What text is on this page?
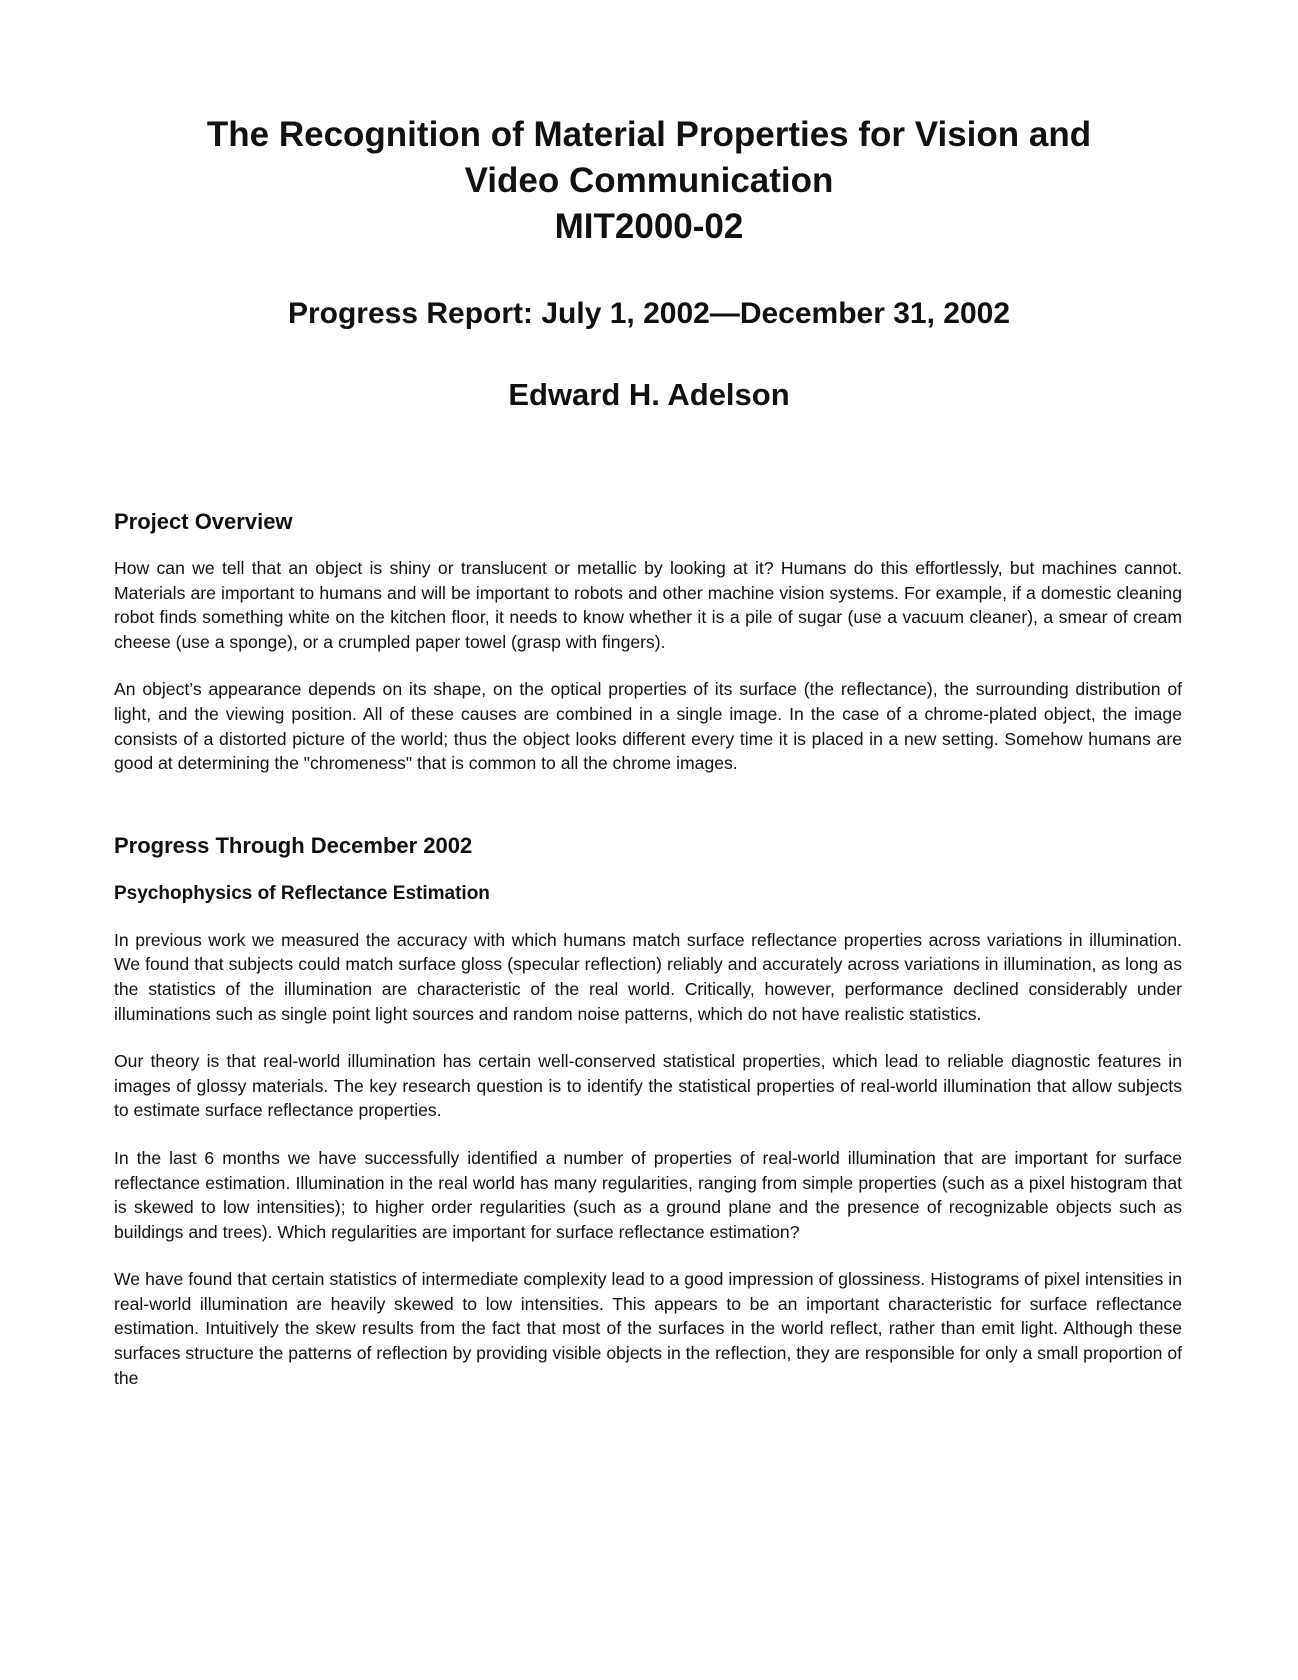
The Recognition of Material Properties for Vision and

Video Communication

MIT2000-02

Progress Report: July 1, 2002—December 31, 2002

Edward H. Adelson

Project Overview

How can we tell that an object is shiny or translucent or metallic by looking at it? Humans do this effortlessly, but machines cannot. Materials are important to humans and will be important to robots and other machine vision systems. For example, if a domestic cleaning robot finds something white on the kitchen floor, it needs to know whether it is a pile of sugar (use a vacuum cleaner), a smear of cream cheese (use a sponge), or a crumpled paper towel (grasp with fingers).

An object’s appearance depends on its shape, on the optical properties of its surface (the reflectance), the surrounding distribution of light, and the viewing position. All of these causes are combined in a single image. In the case of a chrome-plated object, the image consists of a distorted picture of the world; thus the object looks different every time it is placed in a new setting. Somehow humans are good at determining the "chromeness" that is common to all the chrome images.

Progress Through December 2002

Psychophysics of Reflectance Estimation

In previous work we measured the accuracy with which humans match surface reflectance properties across variations in illumination. We found that subjects could match surface gloss (specular reflection) reliably and accurately across variations in illumination, as long as the statistics of the illumination are characteristic of the real world. Critically, however, performance declined considerably under illuminations such as single point light sources and random noise patterns, which do not have realistic statistics.

Our theory is that real-world illumination has certain well-conserved statistical properties, which lead to reliable diagnostic features in images of glossy materials. The key research question is to identify the statistical properties of real-world illumination that allow subjects to estimate surface reflectance properties.

In the last 6 months we have successfully identified a number of properties of real-world illumination that are important for surface reflectance estimation. Illumination in the real world has many regularities, ranging from simple properties (such as a pixel histogram that is skewed to low intensities); to higher order regularities (such as a ground plane and the presence of recognizable objects such as buildings and trees). Which regularities are important for surface reflectance estimation?

We have found that certain statistics of intermediate complexity lead to a good impression of glossiness. Histograms of pixel intensities in real-world illumination are heavily skewed to low intensities. This appears to be an important characteristic for surface reflectance estimation. Intuitively the skew results from the fact that most of the surfaces in the world reflect, rather than emit light. Although these surfaces structure the patterns of reflection by providing visible objects in the reflection, they are responsible for only a small proportion of the
